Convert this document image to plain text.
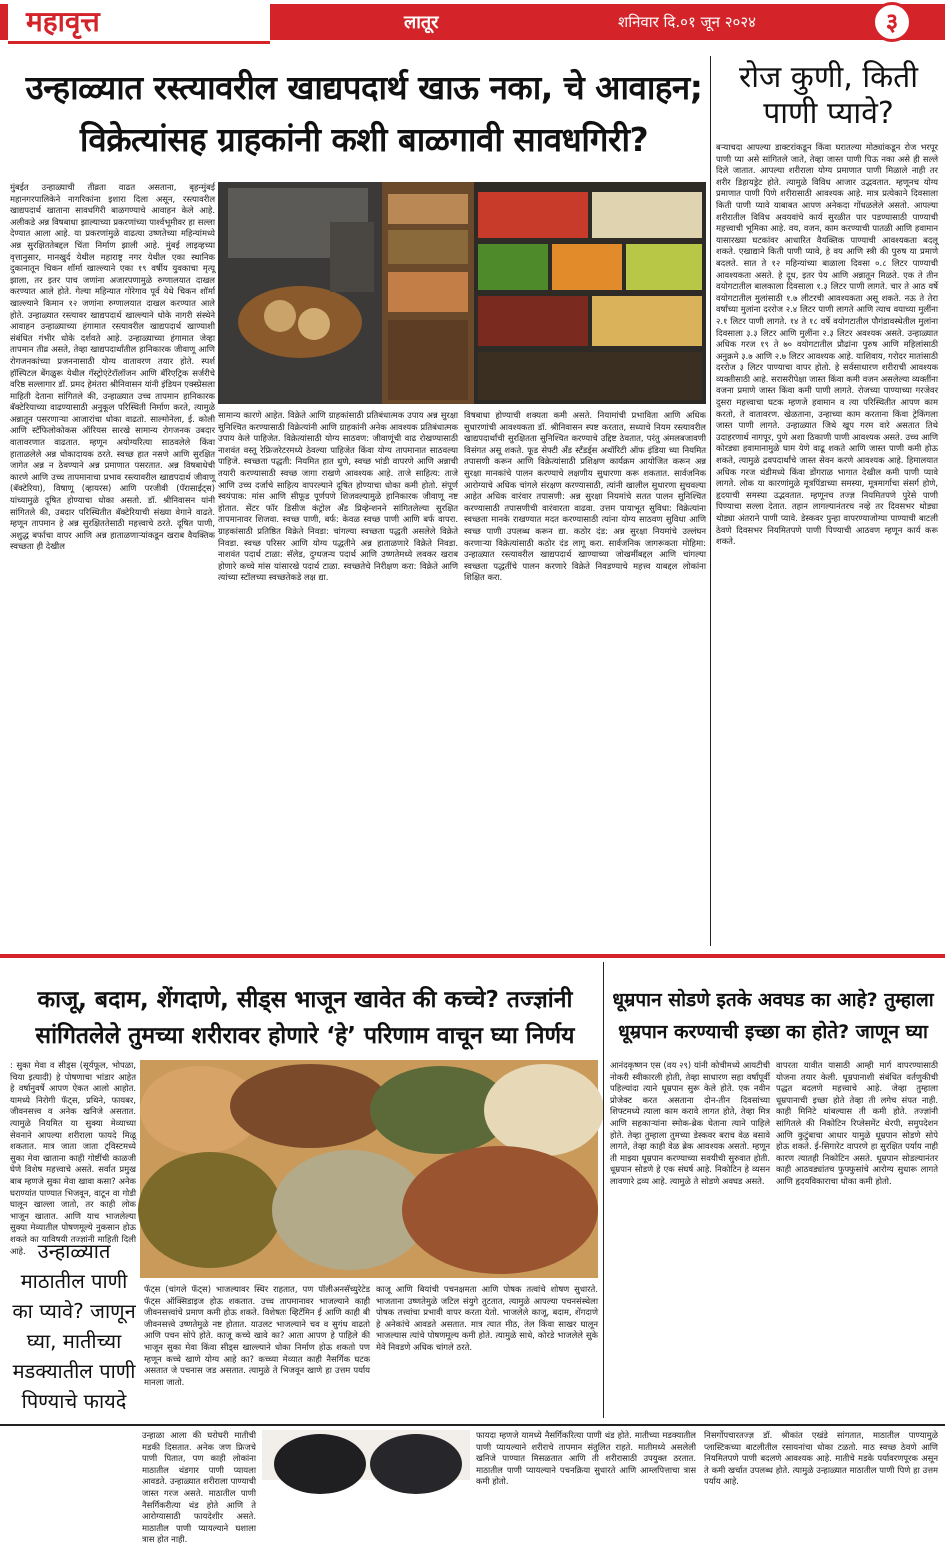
महावृत्त	लातूर	शनिवार दि.०१ जून २०२४	३
उन्हाळ्यात रस्त्यावरील खाद्यपदार्थ खाऊ नका, चे आवाहन; विक्रेत्यांसह ग्राहकांनी कशी बाळगावी सावधगिरी?
मुंबईत उन्हाळ्याची तीव्रता वाढत असताना, बृहन्मुंबई महानगरपालिकेने नागरिकांना इशारा दिला असून, रस्त्यावरील खाद्यपदार्थ खाताना सावधगिरी बाळगण्याचे आवाहन केले आहे. अलीकडे अन्न विषबाधा झाल्याच्या प्रकरणांच्या पार्श्वभूमीवर हा सल्ला देण्यात आला आहे. या प्रकरणांमुळे वाढत्या उष्णतेच्या महिन्यांमध्ये अन्न सुरक्षिततेबद्दल चिंता निर्माण झाली आहे. मुंबई लाइव्हच्या वृत्तानुसार, मानखुर्द येथील महाराष्ट्र नगर येथील एका स्थानिक दुकानातून चिकन शॉर्मा खाल्ल्याने एका १९ वर्षीय युवकाचा मृत्यू झाला, तर इतर पाच जणांना अजारपणामुळे रुग्णालयात दाखल करण्यात आले होते. गेल्या महिन्यात गोरेगाव पूर्व येथे चिकन शॉर्मा खाल्ल्याने किमान १२ जणांना रुग्णालयात दाखल करण्यात आले होते. उन्हाळ्यात रस्त्यावर खाद्यपदार्थ खाल्ल्याने धोके नागरी संस्थेने आवाहन उन्हाळ्याच्या हंगामात रस्त्यावरील खाद्यपदार्थ खाण्याशी संबंधित गंभीर धोके दर्शवते आहे. उन्हाळ्याच्या हंगामात जेव्हा तापमान तीव्र असते, तेव्हा खाद्यपदार्थांतील हानिकारक जीवाणू आणि रोगजनकांच्या प्रजननासाठी योग्य वातावरण तयार होते. स्पर्श हॉस्पिटल बेंगळुरू येथील गॅस्ट्रोएंटेरॉलॉजन आणि बॅरिएट्रिक सर्जरीचे वरिष्ठ सल्लागार डॉ. प्रमद हेमंतरा श्रीनिवासन यांनी इंडियन एक्स्प्रेसला माहिती देताना सांगितले की, उन्हाळ्यात उच्च तापमान हानिकारक बॅक्टेरियाच्या वाढण्यासाठी अनुकूल परिस्थिती निर्माण करते, त्यामुळे अन्नातून पसरणाऱ्या आजारांचा धोका वाढतो. साल्मोनेला, ई. कोली आणि स्टॅफिलोकोकस ऑरियस सारखे सामान्य रोगजनक उबदार वातावरणात वाढतात. म्हणून अयोग्यरित्या साठवलेले किंवा हाताळलेले अन्न धोकादायक ठरते. स्वच्छ हात नसणे आणि सुरक्षित जागेत अन्न न ठेवण्याने अन्न प्रमाणात पसरतात. अन्न विषबाधेची कारणे आणि उच्च तापमानाचा प्रभाव रस्त्यावरील खाद्यपदार्थ जीवाणू (बॅक्टेरिया), विषाणू (व्हायरस) आणि परजीवी (पॅरासाईट्स) यांच्यामुळे दूषित होण्याचा धोका असतो. डॉ. श्रीनिवासन यांनी सांगितले की, उबदार परिस्थितीत बॅक्टेरियाची संख्या वेगाने वाढते. म्हणून तापमान हे अन्न सुरक्षिततेसाठी महत्त्वाचे ठरते. दूषित पाणी, अशुद्ध बर्फाचा वापर आणि अन्न हाताळणाऱ्यांकडून खराब वैयक्तिक स्वच्छता ही देखील
सामान्य कारणे आहेत. विक्रेते आणि ग्राहकांसाठी प्रतिबंधात्मक उपाय अन्न सुरक्षा सुनिश्चित करण्यासाठी विक्रेत्यांनी आणि ग्राहकांनी अनेक आवश्यक प्रतिबंधात्मक उपाय केले पाहिजेत. विक्रेत्यांसाठी योग्य साठवण: जीवाणूंची वाढ रोखण्यासाठी नाशवंत वस्तू रेफ्रिजरेटरमध्ये ठेवल्या पाहिजेत किंवा योग्य तापमानात साठवल्या पाहिजे. स्वच्छता पद्धती: नियमित हात धुणे, स्वच्छ भांडी वापरणे आणि अन्नाची तयारी करण्यासाठी स्वच्छ जागा राखणे आवश्यक आहे. ताजे साहित्य: ताजे आणि उच्च दर्जाचे साहित्य वापरल्याने दूषित होण्याचा धोका कमी होतो. संपूर्ण स्वयंपाक: मांस आणि सीफूड पूर्णपणे शिजवल्यामुळे हानिकारक जीवाणू नष्ट होतात. सेंटर फॉर डिसीज कंट्रोल अँड प्रिव्हेन्शनने सांगितलेल्या सुरक्षित तापमानावर शिजवा. स्वच्छ पाणी, बर्फ: केवळ स्वच्छ पाणी आणि बर्फ वापरा. ग्राहकांसाठी प्रतिष्ठित विक्रेते निवडा: चांगल्या स्वच्छता पद्धती असलेले विक्रेते निवडा. स्वच्छ परिसर आणि योग्य पद्धतीने अन्न हाताळणारे विक्रेते निवडा. नाशवंत पदार्थ टाळा: सॅलेड, दुग्धजन्य पदार्थ आणि उष्णतेमध्ये लवकर खराब होणारे कच्चे मांस यांसारखे पदार्थ टाळा. स्वच्छतेचे निरीक्षण करा: विक्रेते आणि त्यांच्या स्टॉलच्या स्वच्छतेकडे लक्ष द्या.
विषबाधा होण्याची शक्यता कमी असते. नियामांची प्रभाविता आणि अधिक सुधारणांची आवश्यकता डॉ. श्रीनिवासन स्पष्ट करतात, सध्याचे नियम रस्त्यावरील खाद्यपदार्थांची सुरक्षितता सुनिश्चित करण्याचे उद्दिष्ट ठेवतात, परंतु अंमलबजावणी विसंगत असू शकते. फूड सेफ्टी अँड स्टँडर्ड्स अथॉरिटी ऑफ इंडिया च्या नियमित तपासणी करून आणि विक्रेत्यांसाठी प्रशिक्षण कार्यक्रम आयोजित करून अन्न सुरक्षा मानकांचे पालन करण्याचे लक्षणीय सुधारणा करू शकतात. सार्वजनिक आरोग्याचे अधिक चांगले संरक्षण करण्यासाठी, त्यांनी खालील सुधारणा सुचवल्या आहेत अधिक वारंवार तपासणी: अन्न सुरक्षा नियमांचे सतत पालन सुनिश्चित करण्यासाठी तपासणीची वारंवारता वाढवा. उत्तम पायाभूत सुविधा: विक्रेत्यांना स्वच्छता मानके राखण्यात मदत करण्यासाठी त्यांना योग्य साठवण सुविधा आणि स्वच्छ पाणी उपलब्ध करून द्या. कठोर दंड: अन्न सुरक्षा नियमांचे उल्लंघन करणाऱ्या विक्रेत्यांसाठी कठोर दंड लागू करा. सार्वजनिक जागरूकता मोहिमा: उन्हाळ्यात रस्त्यावरील खाद्यपदार्थ खाण्याच्या जोखमींबद्दल आणि चांगल्या स्वच्छता पद्धतींचे पालन करणारे विक्रेते निवडण्याचे महत्त्व याबद्दल लोकांना शिक्षित करा.
रोज कुणी, किती पाणी प्यावे?
बऱ्याचदा आपल्या डाक्टरांकडून किंवा घरातल्या मोठ्यांकडून रोज भरपूर पाणी प्या असे सांगितले जाते, तेव्हा जास्त पाणी पिऊ नका असे ही सल्ले दिले जातात. आपल्या शरीराला योग्य प्रमाणात पाणी मिळाले नाही तर शरीर डिहायड्रेट होते. त्यामुळे विविध आजार उद्भवतात. म्हणूनच योग्य प्रमाणात पाणी पिणे शरीरासाठी आवश्यक आहे. मात्र प्रत्येकाने दिवसाला किती पाणी प्यावे याबाबत आपण अनेकदा गोंधळलेले असतो. आपल्या शरीरातील विविध अवयवांचे कार्य सुरळीत पार पडण्यासाठी पाण्याची महत्त्वाची भूमिका आहे. वय, वजन, काम करण्याची पातळी आणि हवामान यासारख्या घटकांवर आधारित वैयक्तिक पाण्याची आवश्यकता बदलू शकते. एखाद्याने किती पाणी प्यावे, हे वय आणि स्त्री की पुरुष या प्रमाणे बदलते. सात ते १२ महिन्यांच्या बाळाला दिवसा ०.८ लिटर पाण्याची आवश्यकता असते. हे दूध, इतर पेय आणि अन्नातून मिळते. एक ते तीन वयोगटातील बालकाला दिवसाला १.३ लिटर पाणी लागते. चार ते आठ वर्षे वयोगटातील मुलांसाठी १.७ लीटरची आवश्यकता असू शकते. नऊ ते तेरा वर्षांच्या मुलांना दररोज २.४ लिटर पाणी लागते आणि त्याच वयाच्या मुलींना २.१ लिटर पाणी लागते. १४ ते १८ वर्षे वयोगटातील पौगंडावस्थेतील मुलांना दिवसाला ३.३ लिटर आणि मुलींना २.३ लिटर अवश्यक असते. उन्हाळ्यात अधिक गरज १९ ते ७० वयोगटातील प्रौढांना पुरुष आणि महिलांसाठी अनुक्रमे ३.७ आणि २.७ लिटर आवश्यक आहे. याशिवाय, गरोदर मातांसाठी दररोज ३ लिटर पाण्याचा वापर होतो. हे सर्वसाधारण शरीराची आवश्यक व्यक्तीसाठी आहे. सरासरीपेक्षा जास्त किंवा कमी वजन असलेल्या व्यक्तींना वजना प्रमाणे जास्त किंवा कमी पाणी लागते. रोजच्या पाण्याच्या गरजेवर दुसरा महत्त्वाचा घटक म्हणजे हवामान व त्या परिस्थितीत आपण काम करतो, ते वातावरण. खेळताना, उन्हाच्या काम करताना किंवा ट्रेकिंगला जास्त पाणी लागते. उन्हाळ्यात जिथे खूप गरम वारे असतात तिथे उदाहरणार्थ नागपूर, पुणे अशा ठिकाणी पाणी आवश्यक असते. उच्च आणि कोरड्या हवामानामुळे घाम येणे वाढू शकते आणि जास्त पाणी कमी होऊ शकते, त्यामुळे द्रवपदार्थांचे जास्त सेवन करणे आवश्यक आहे. हिमालयात अधिक गरज थंडीमध्ये किंवा डोंगराळ भागात देखील कमी पाणी प्यावे लागते. लोक या कारणांमुळे मूत्रपिंडाच्या समस्या, मूत्रमार्गाचा संसर्ग होणे, हृदयाची समस्या उद्भवतात. म्हणूनच तज्ज्ञ नियमितपणे पुरेसे पाणी पिण्याचा सल्ला देतात. तहान लागल्यानंतरच नव्हे तर दिवसभर थोड्या थोड्या अंतराने पाणी प्यावे. डेस्कवर पुन्हा वापरण्याजोग्या पाण्याची बाटली ठेवणे दिवसभर नियमितपणे पाणी पिण्याची आठवण म्हणून कार्य करू शकते.
काजू, बदाम, शेंगदाणे, सीड्स भाजून खावेत की कच्चे? तज्ज्ञांनी सांगितलेले तुमच्या शरीरावर होणारे ‘हे’ परिणाम वाचून घ्या निर्णय
: सुका मेवा व सीड्स (सूर्यफूल, भोपळा, चिया इत्यादी) हे पोषणाचा भांडार आहेत हे वर्षानुवर्षे आपण ऐकत आलो आहोत. यामध्ये निरोगी फॅट्स, प्रथिने, फायबर, जीवनसत्त्व व अनेक खनिजे असतात. त्यामुळे नियमित या सुक्या मेव्याच्या सेवनाने आपल्या शरीराला फायदे मिळू शकतात. मात्र जाता जाता ट्विस्टमध्ये सुका मेवा खाताना काही गोष्टींची काळजी घेणे विशेष महत्त्वाचे असते. सर्वात प्रमुख बाब म्हणजे सुका मेवा खावा कसा? अनेक घराण्यांत पाण्यात भिजवून, वाटून वा गोडी घालून खाल्ला जातो, तर काही लोक भाजून खातात. आणि याच भाजलेल्या सुक्या मेव्यातील पोषणमूल्ये नुकसान होऊ शकते का याविषयी तज्ज्ञांनी माहिती दिली आहे.
फॅट्स (चांगले फॅट्स) भाजल्यावर स्थिर राहतात, पण पॉलीअनसॅच्युरेटेड फॅट्स ऑक्सिडाइज होऊ शकतात. उच्च तापमानावर भाजल्याने काही जीवनसत्त्वांचे प्रमाण कमी होऊ शकते. विशेषतः व्हिटॅमिन ई आणि काही बी जीवनसत्त्वे उष्णतेमुळे नष्ट होतात. याउलट भाजल्याने चव व सुगंध वाढतो आणि पचन सोपे होते. काजू कच्चे खावे का? आता आपण हे पाहिले की भाजून सुका मेवा किंवा सीड्स खाल्ल्याने धोका निर्माण होऊ शकतो पण म्हणून कच्चे खाणे योग्य आहे का? कच्च्या मेव्यात काही नैसर्गिक घटक असतात जे पचनास जड असतात. त्यामुळे ते भिजवून खाणे हा उत्तम पर्याय मानला जातो.
काजू आणि बियांची पचनक्षमता आणि पोषक तत्वांचे शोषण सुधारते. भाजताना उष्णतेमुळे जटिल संयुगे तुटतात, त्यामुळे आपल्या पचनसंस्थेला पोषक तत्त्वांचा प्रभावी वापर करता येतो. भाजलेले काजू, बदाम, शेंगदाणे हे अनेकांचे आवडते असतात. मात्र त्यात मीठ, तेल किंवा साखर घालून भाजल्यास त्यांचे पोषणमूल्य कमी होते. त्यामुळे साधे, कोरडे भाजलेले सुके मेवे निवडणे अधिक चांगले ठरते.
धूम्रपान सोडणे इतके अवघड का आहे? तुम्हाला धूम्रपान करण्याची इच्छा का होते? जाणून घ्या
आनंदकृष्णन एस (वय २९) यांनी कोचीमध्ये आयटीची नोकरी स्वीकारली होती, तेव्हा साधारण सहा वर्षांपूर्वी पहिल्यांदा त्याने धूम्रपान सुरू केले होते. एक नवीन प्रोजेक्ट करत असताना दोन-तीन दिवसांच्या शिफ्टमध्ये त्याला काम करावे लागत होते, तेव्हा मित्र आणि सहकाऱ्यांना स्मोक-ब्रेक घेताना त्याने पाहिले होते. तेव्हा तुम्हाला तुमच्या डेस्कवर बराच वेळ बसावे लागते, तेव्हा काही वेळ ब्रेक आवश्यक असतो. म्हणून ती माझ्या धूम्रपान करण्याच्या सवयीची सुरुवात होती. धूम्रपान सोडणे हे एक संघर्ष आहे. निकोटिन हे व्यसन लावणारे द्रव्य आहे. त्यामुळे ते सोडणे अवघड असते.
वापरता यावीत यासाठी आम्ही मार्ग वापरण्यासाठी योजना तयार केली. धूम्रपानाशी संबंधित वर्तणुकीची पद्धत बदलणे महत्त्वाचे आहे. जेव्हा तुम्हाला धूम्रपानाची इच्छा होते तेव्हा ती लगेच संपत नाही. काही मिनिटे थांबल्यास ती कमी होते. तज्ज्ञांनी सांगितले की निकोटिन रिप्लेसमेंट थेरपी, समुपदेशन आणि कुटुंबाचा आधार यामुळे धूम्रपान सोडणे सोपे होऊ शकते. ई-सिगारेट वापरणे हा सुरक्षित पर्याय नाही कारण त्यातही निकोटिन असते. धूम्रपान सोडल्यानंतर काही आठवड्यांतच फुफ्फुसांचे आरोग्य सुधारू लागते आणि हृदयविकाराचा धोका कमी होतो.
उन्हाळ्यात माठातील पाणी का प्यावे? जाणून घ्या, मातीच्या मडक्यातील पाणी पिण्याचे फायदे
उन्हाळा आला की घरोघरी मातीची मडकी दिसतात. अनेक जण फ्रिजचे पाणी पितात, पण काही लोकांना माठातील थंडगार पाणी प्यायला आवडते. उन्हाळ्यात शरीराला पाण्याची जास्त गरज असते. माठातील पाणी नैसर्गिकरीत्या थंड होते आणि ते आरोग्यासाठी फायदेशीर असते. माठातील पाणी प्यायल्याने घशाला त्रास होत नाही.
फायदा म्हणजे यामध्ये नैसर्गिकरित्या पाणी थंड होते. मातीच्या मडक्यातील पाणी प्यायल्याने शरीराचे तापमान संतुलित राहते. मातीमध्ये असलेली खनिजे पाण्यात मिसळतात आणि ती शरीरासाठी उपयुक्त ठरतात. माठातील पाणी प्यायल्याने पचनक्रिया सुधारते आणि आम्लपित्ताचा त्रास कमी होतो.
निसर्गोपचारतज्ज्ञ डॉ. श्रीकांत एखंडे सांगतात, माठातील पाण्यामुळे प्लास्टिकच्या बाटलीतील रसायनांचा धोका टळतो. माठ स्वच्छ ठेवणे आणि नियमितपणे पाणी बदलणे आवश्यक आहे. मातीचे मडके पर्यावरणपूरक असून ते कमी खर्चात उपलब्ध होते. त्यामुळे उन्हाळ्यात माठातील पाणी पिणे हा उत्तम पर्याय आहे.
